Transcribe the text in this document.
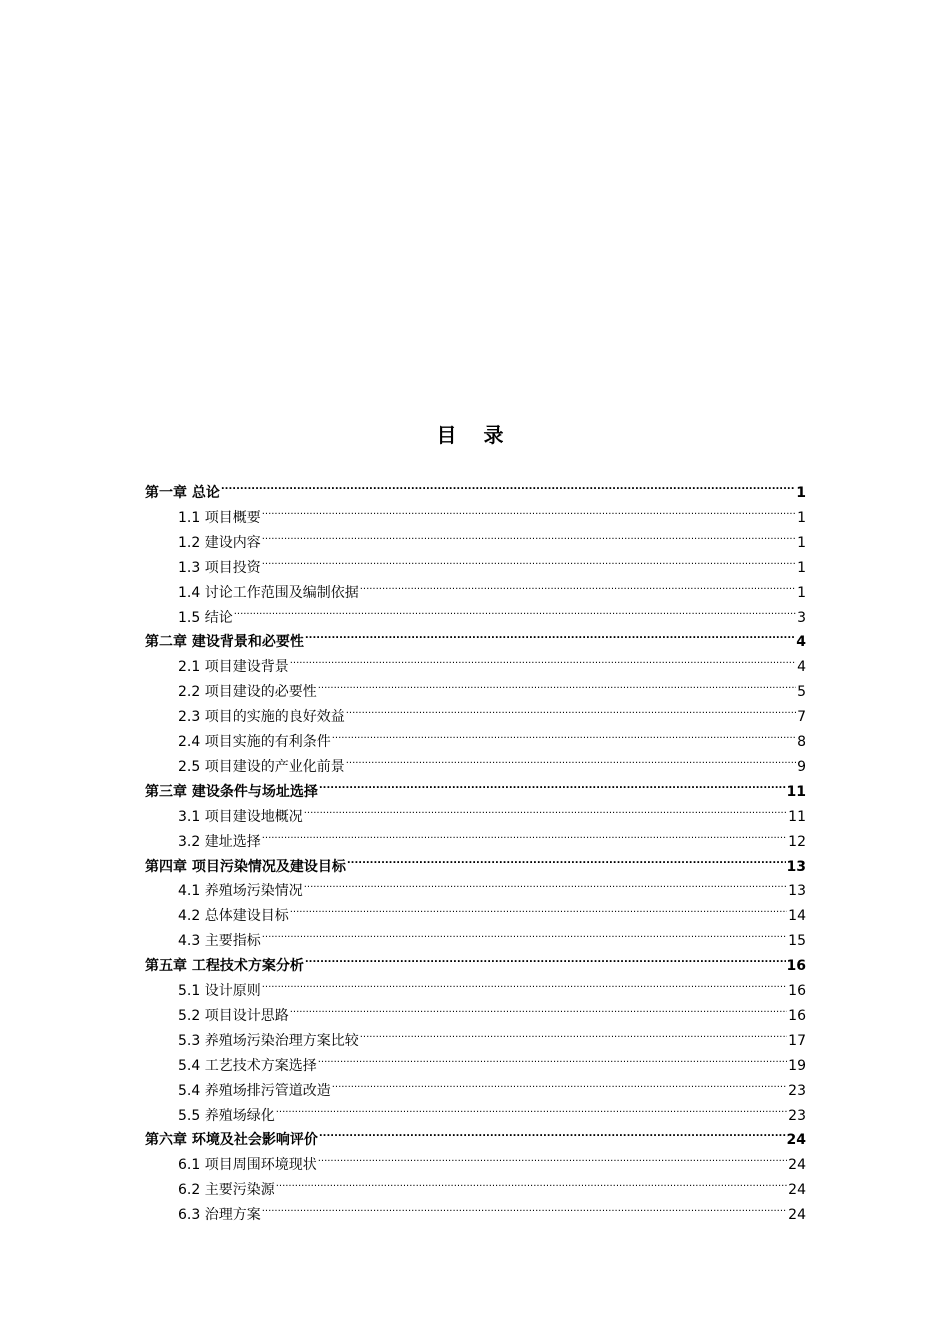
目 录
第一章 总论 .....	1
1.1 项目概要 .....	1
1.2 建设内容 .....	1
1.3 项目投资 .....	1
1.4 讨论工作范围及编制依据 .....	1
1.5 结论 .....	3
第二章 建设背景和必要性 .....	4
2.1 项目建设背景 .....	4
2.2 项目建设的必要性 .....	5
2.3 项目的实施的良好效益 .....	7
2.4 项目实施的有利条件 .....	8
2.5 项目建设的产业化前景 .....	9
第三章 建设条件与场址选择 .....	11
3.1 项目建设地概况 .....	11
3.2 建址选择 .....	12
第四章 项目污染情况及建设目标 .....	13
4.1 养殖场污染情况 .....	13
4.2 总体建设目标 .....	14
4.3 主要指标 .....	15
第五章 工程技术方案分析 .....	16
5.1 设计原则 .....	16
5.2 项目设计思路 .....	16
5.3 养殖场污染治理方案比较 .....	17
5.4 工艺技术方案选择 .....	19
5.4 养殖场排污管道改造 .....	23
5.5 养殖场绿化 .....	23
第六章 环境及社会影响评价 .....	24
6.1 项目周围环境现状 .....	24
6.2 主要污染源 .....	24
6.3 治理方案 .....	24
